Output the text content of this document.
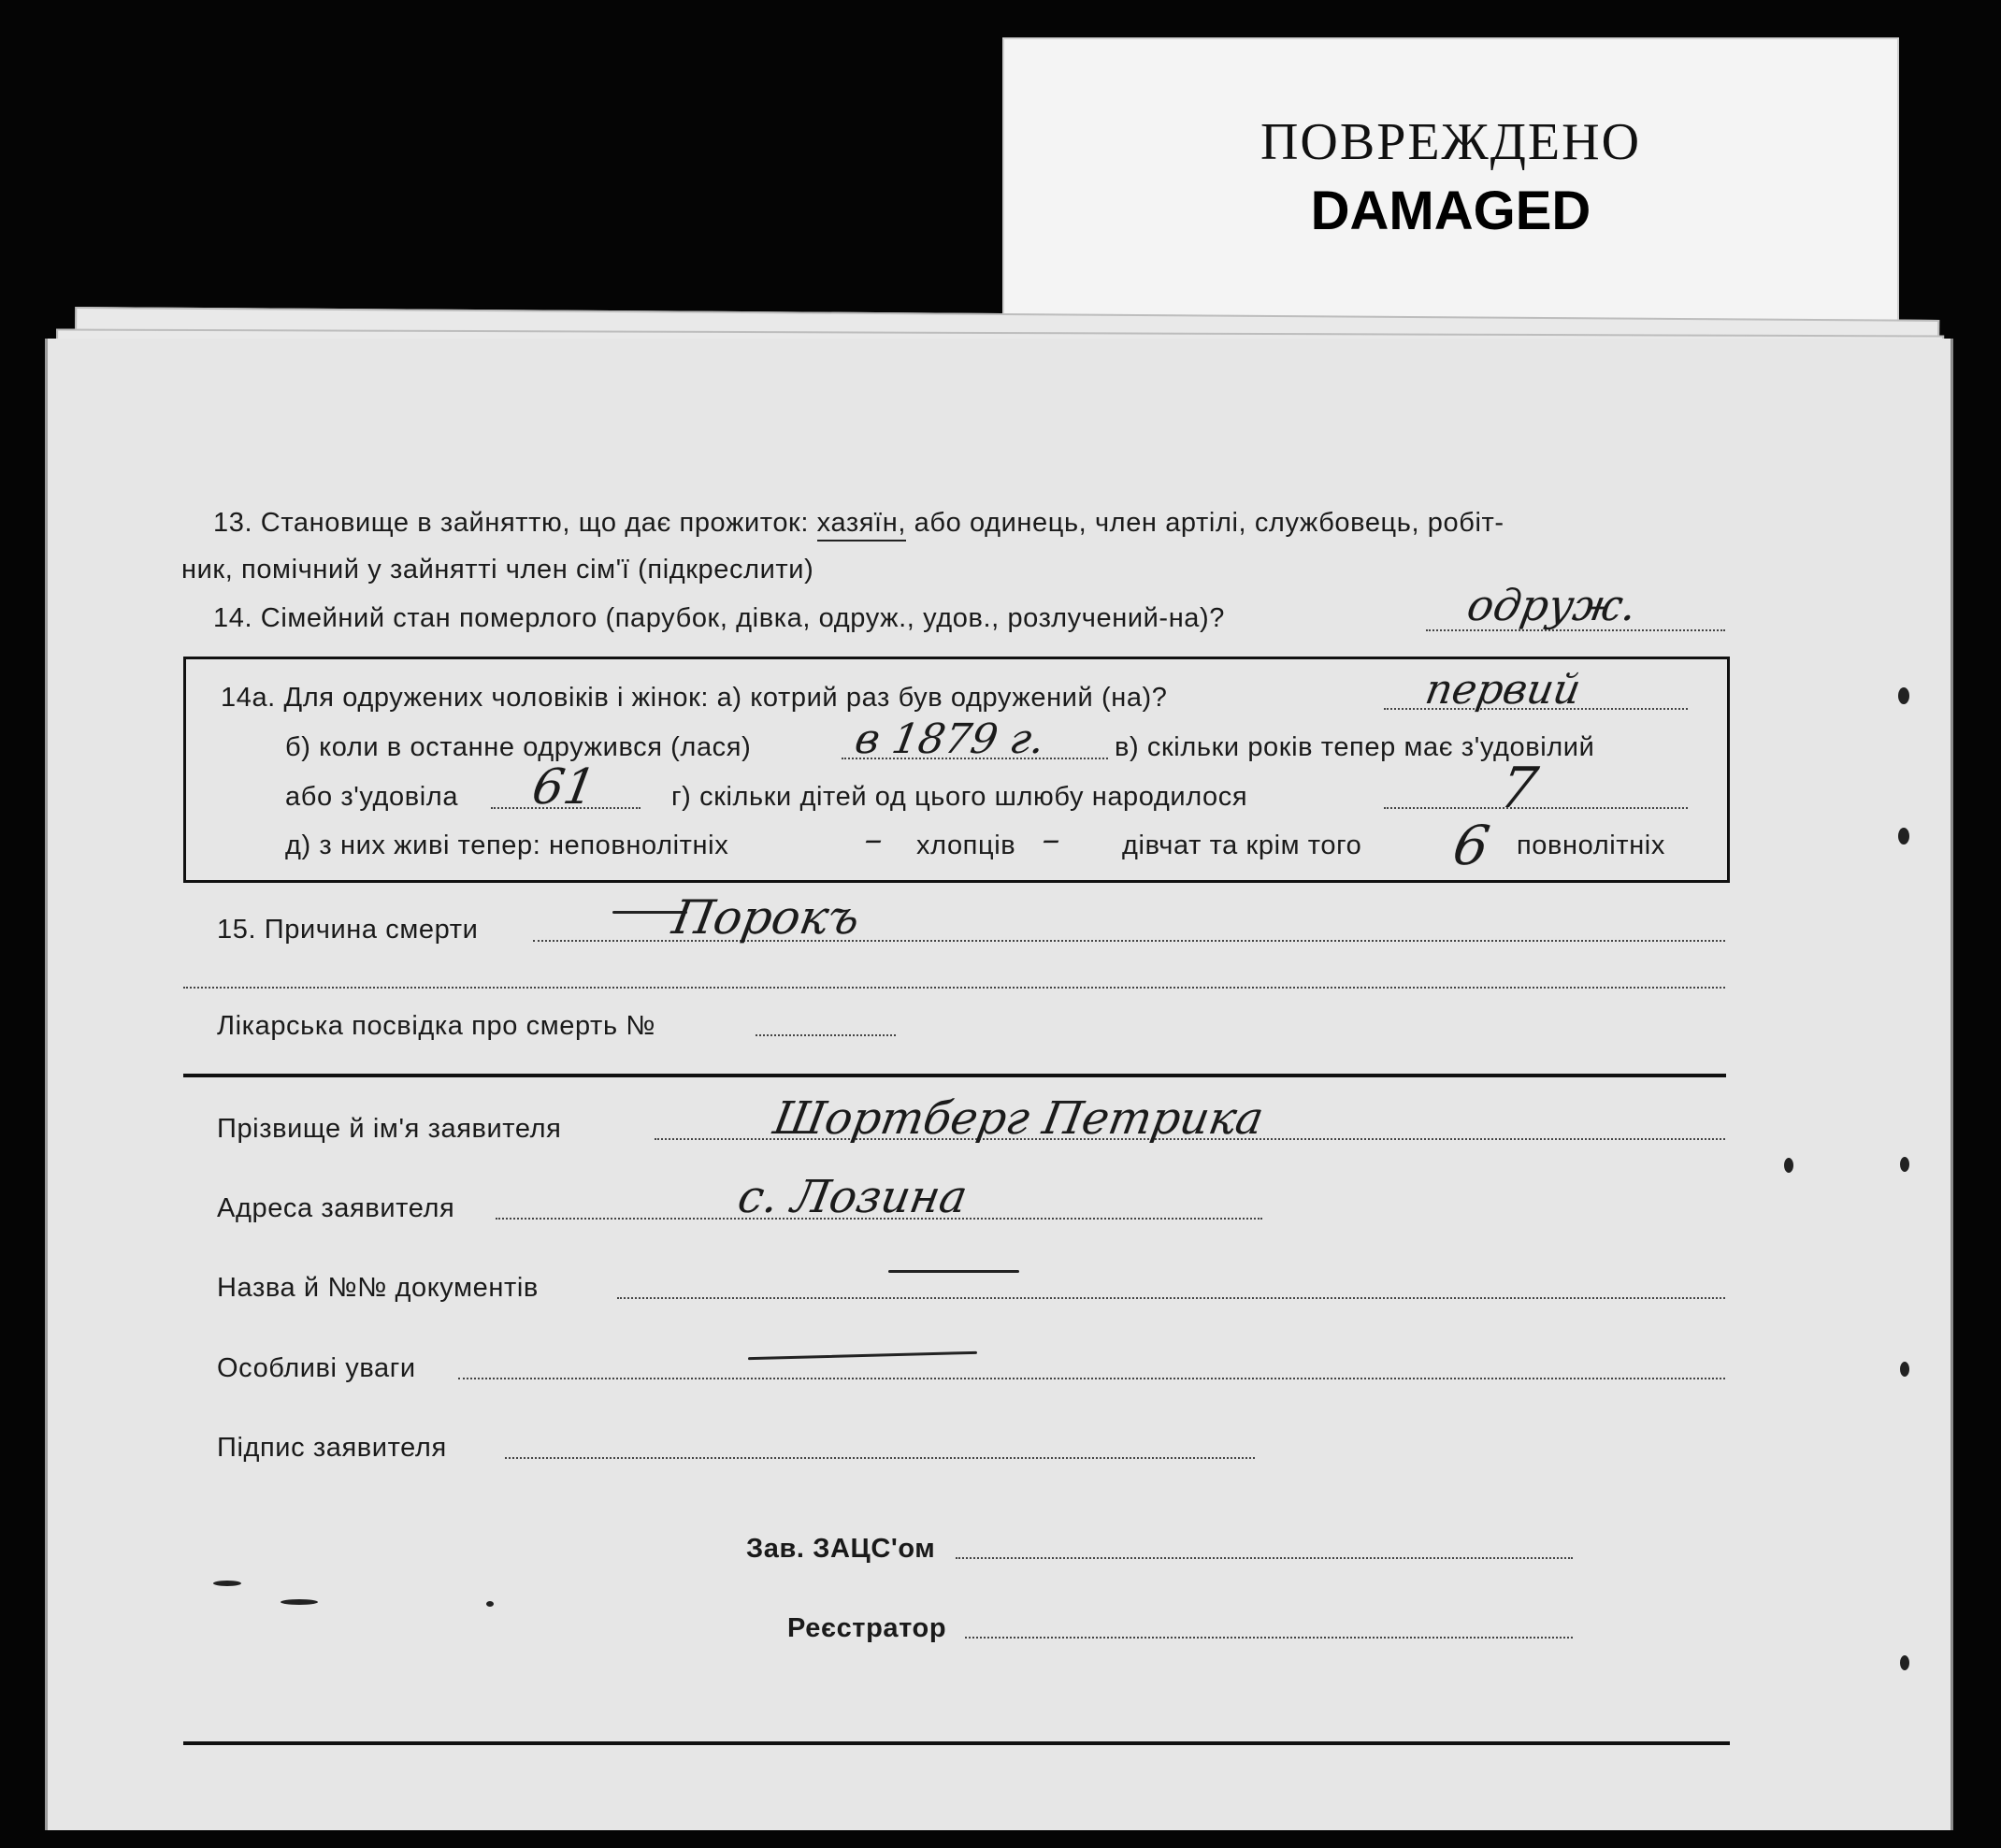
ПОВРЕЖДЕНО
DAMAGED
13. Становище в зайняттю, що дає прожиток: хазяїн, або одинець, член артілі, службовець, робіт-
ник, помічний у зайнятті член сім'ї (підкреслити)
14. Сімейний стан померлого (парубок, дівка, одруж., удов., розлучений-на)?	одруж.
14а. Для одружених чоловіків і жінок: а) котрий раз був одружений (на)?	первий
б) коли в останне одружився (лася) в 1879 г. в) скільки років тепер має з'удовілий
або з'удовіла 61	г) скільки дітей од цього шлюбу народилося	7
д) з них живі тепер: неповнолітніх	– хлопців – дівчат та крім того 6 повнолітніх
15. Причина смерти	Порокъ
Лікарська посвідка про смерть №
Прізвище й ім'я заявителя	Шортберг Петрика
Адреса заявителя	с. Лозина
Назва й №№ документів
Особливі уваги
Підпис заявителя
Зав. ЗАЦС'ом
Реєстратор
